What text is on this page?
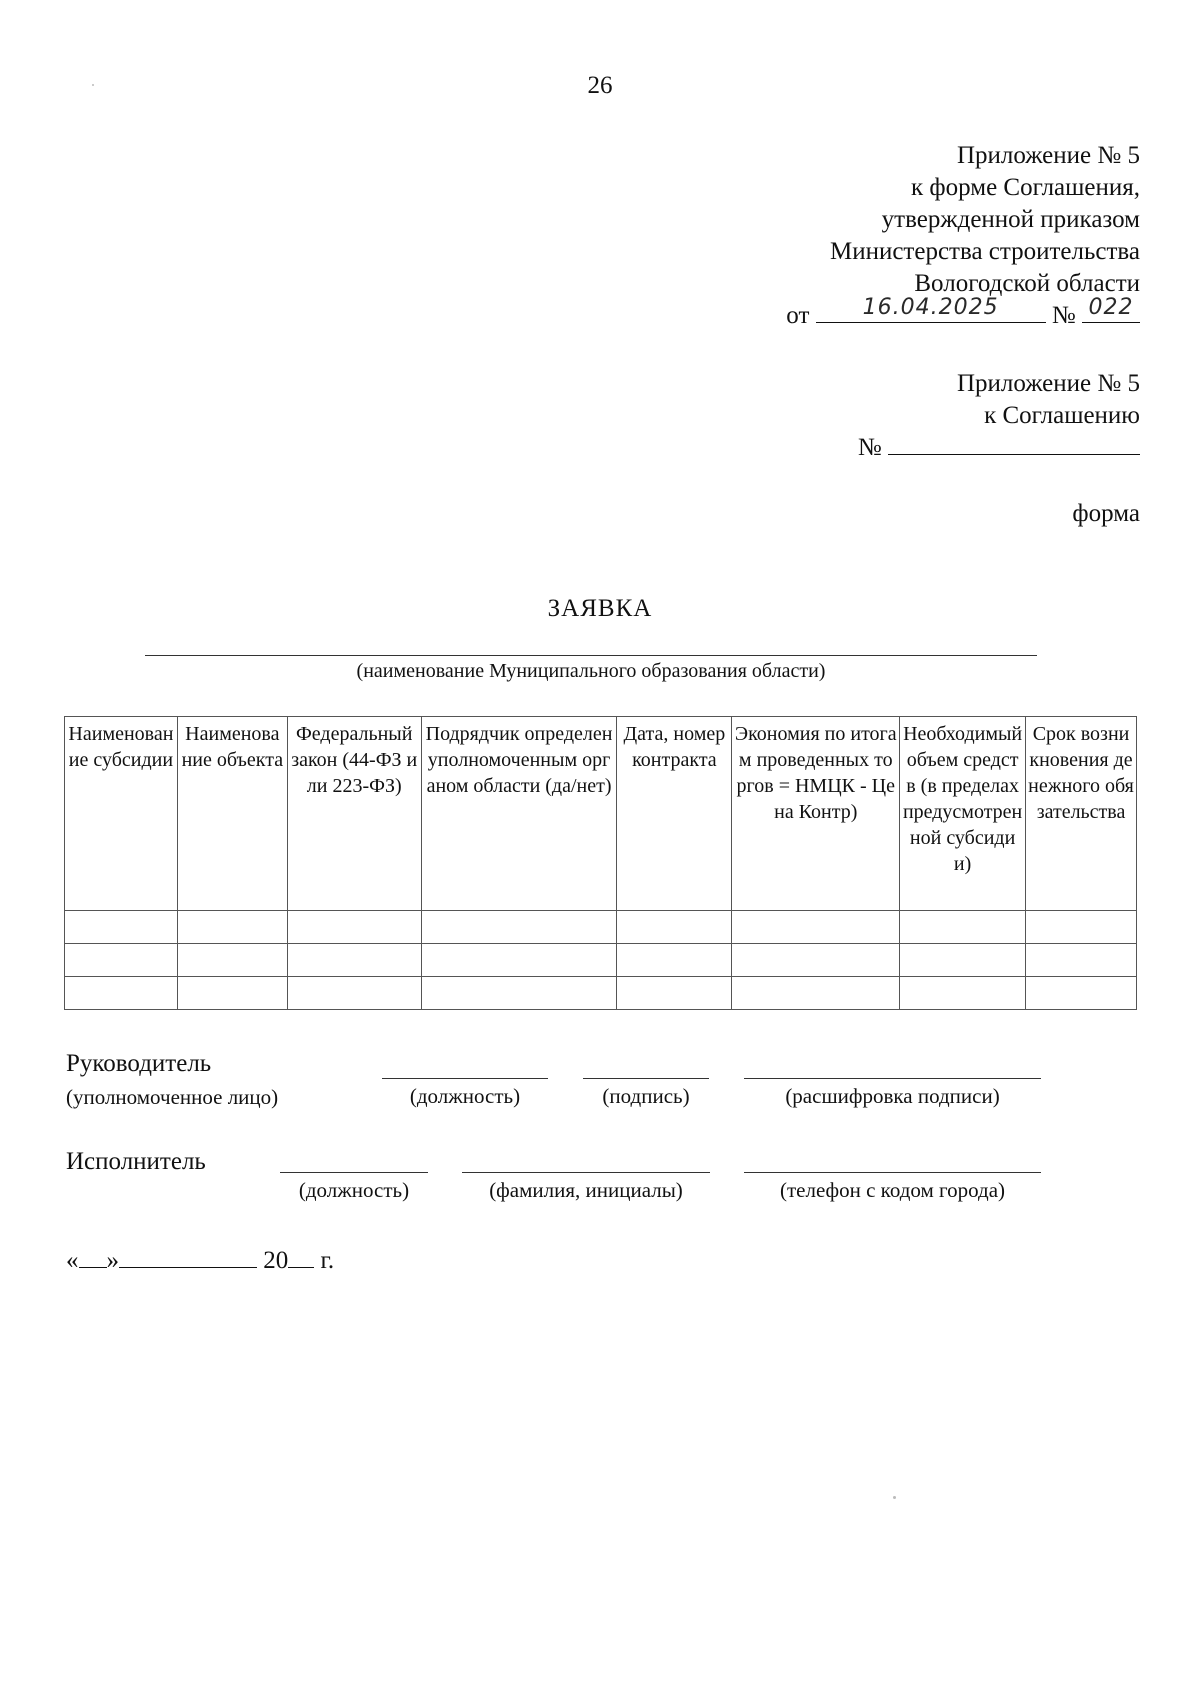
26
Приложение № 5
к форме Соглашения,
утвержденной приказом
Министерства строительства
Вологодской области
от	16.04.2025	№ 022
Приложение № 5
к Соглашению
№
форма
ЗАЯВКА
(наименование Муниципального образования области)
Наименование субсидии	Наименование объекта	Федеральный закон (44-ФЗ или 223-ФЗ)	Подрядчик определен уполномоченным органом области (да/нет)	Дата, номер контракта	Экономия по итогам проведенных торгов = НМЦК - Цена Контр)	Необходимый объем средств (в пределах предусмотренной субсидии)	Срок возникновения денежного обязательства

Руководитель
(уполномоченное лицо)	(должность)	(подпись)	(расшифровка подписи)
Исполнитель
(должность)	(фамилия, инициалы)	(телефон с кодом города)
« »	20 г.
